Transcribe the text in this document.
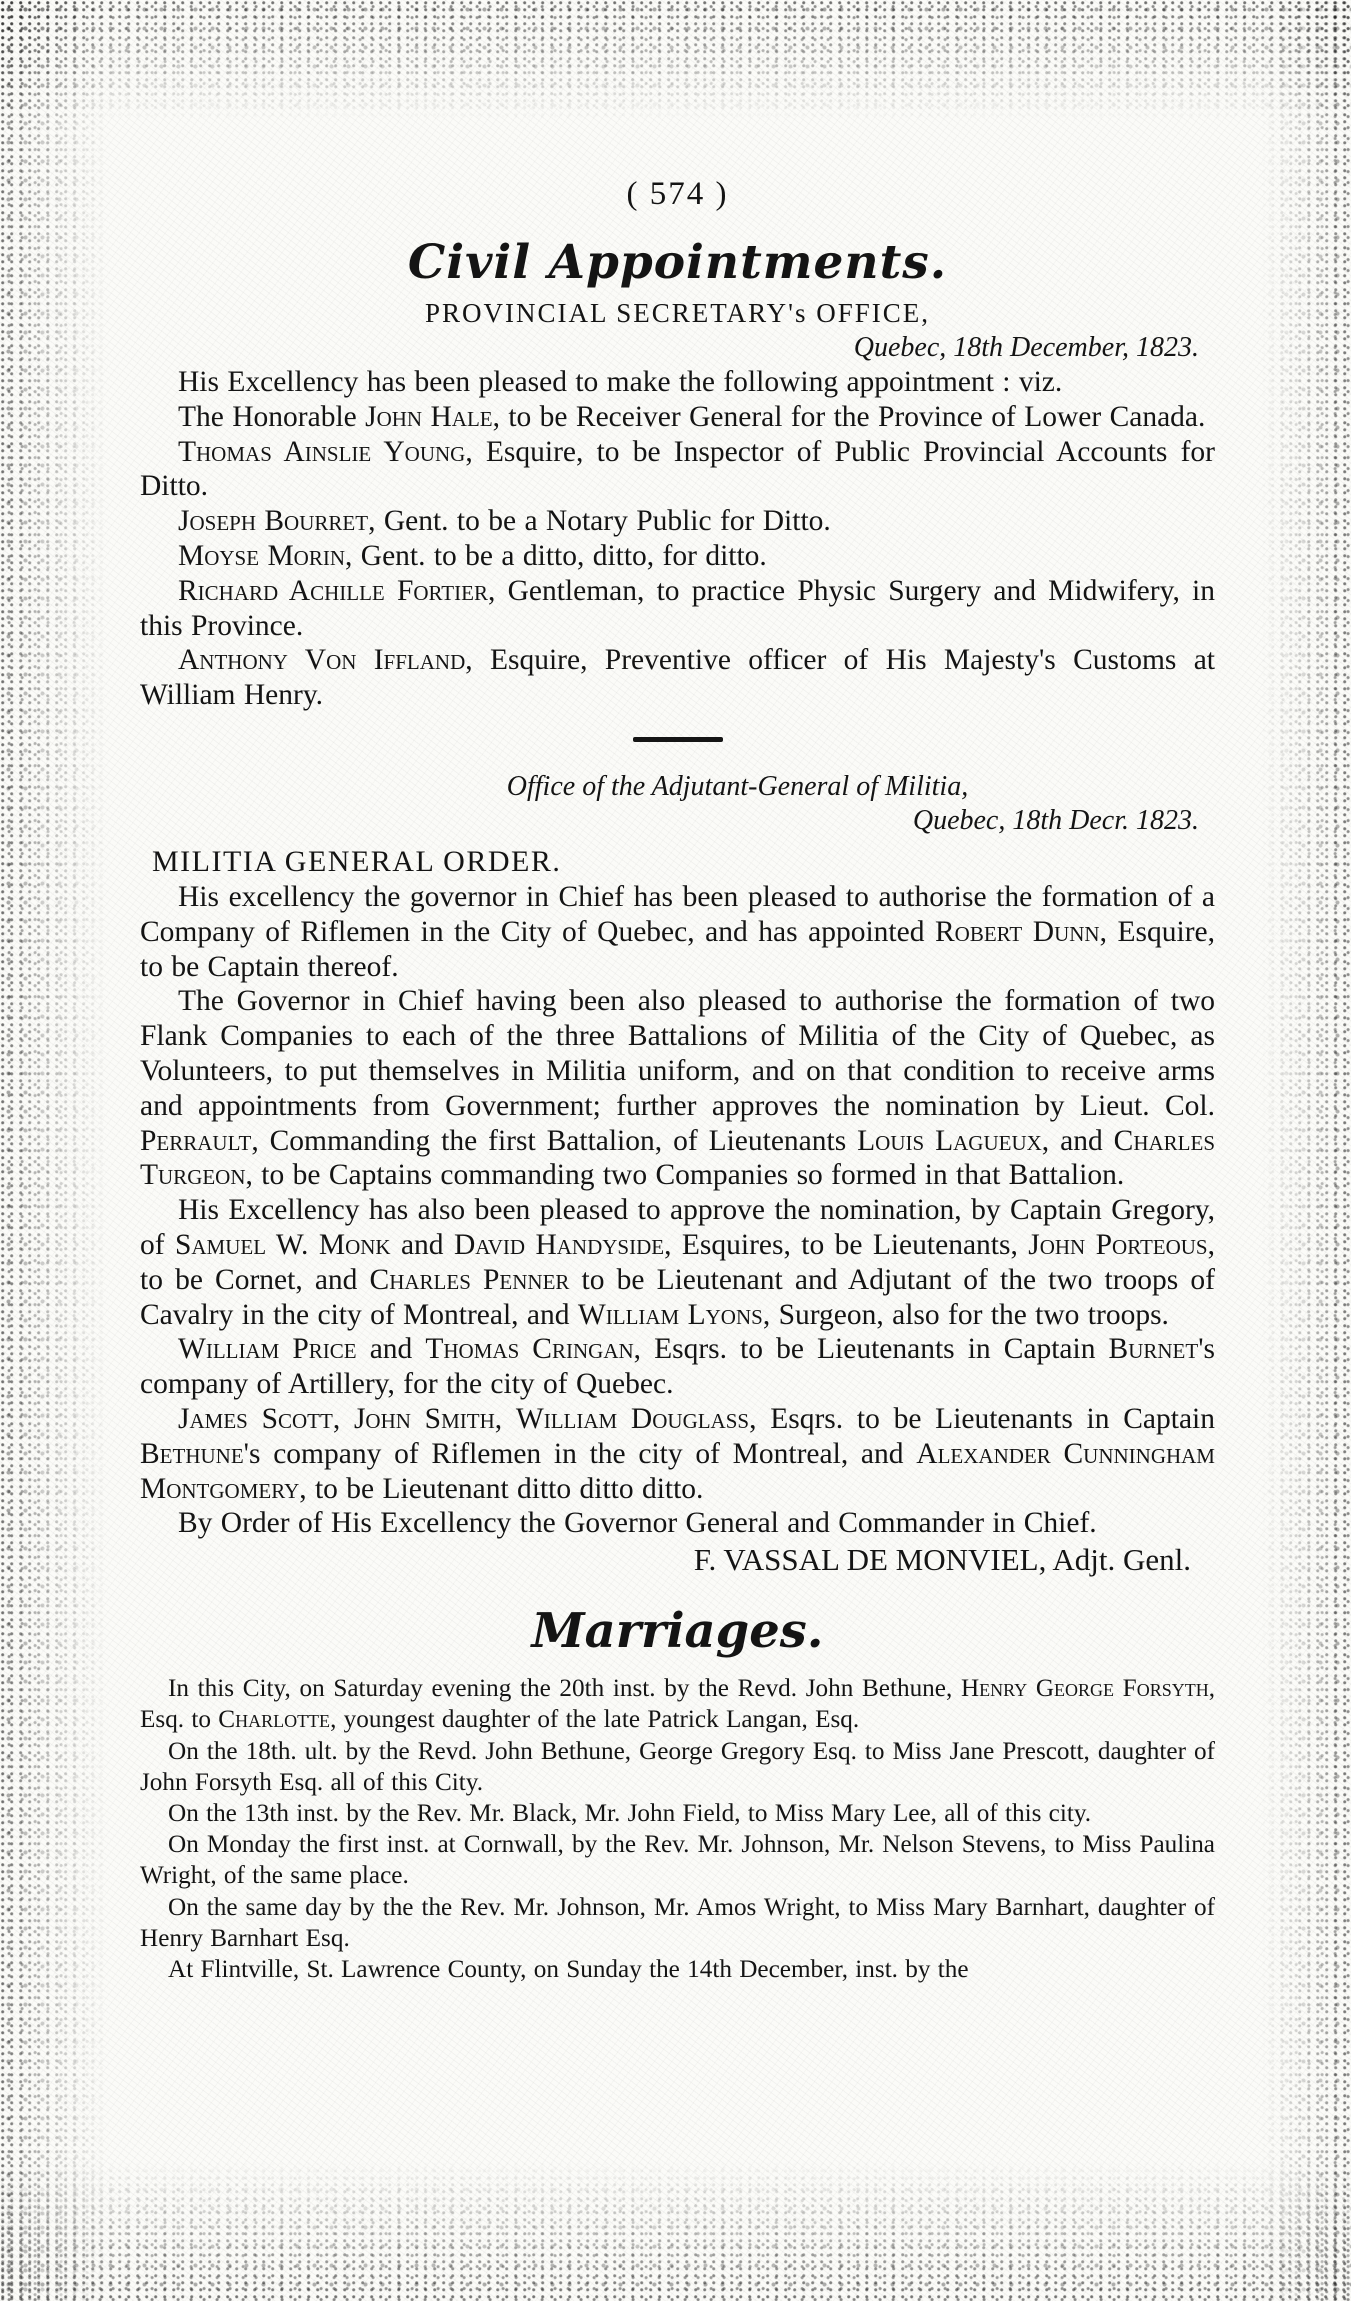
( 574 )
Civil Appointments.
PROVINCIAL SECRETARY's OFFICE,
Quebec, 18th December, 1823.

His Excellency has been pleased to make the following appointment : viz.

The Honorable John Hale, to be Receiver General for the Province of Lower Canada.

Thomas Ainslie Young, Esquire, to be Inspector of Public Provincial Accounts for Ditto.

Joseph Bourret, Gent. to be a Notary Public for Ditto.

Moyse Morin, Gent. to be a ditto, ditto, for ditto.

Richard Achille Fortier, Gentleman, to practice Physic Surgery and Midwifery, in this Province.

Anthony Von Iffland, Esquire, Preventive officer of His Majesty's Customs at William Henry.

Office of the Adjutant-General of Militia,
Quebec, 18th Decr. 1823.
MILITIA GENERAL ORDER.

His excellency the governor in Chief has been pleased to authorise the formation of a Company of Riflemen in the City of Quebec, and has appointed Robert Dunn, Esquire, to be Captain thereof.

The Governor in Chief having been also pleased to authorise the formation of two Flank Companies to each of the three Battalions of Militia of the City of Quebec, as Volunteers, to put themselves in Militia uniform, and on that condition to receive arms and appointments from Government; further approves the nomination by Lieut. Col. Perrault, Commanding the first Battalion, of Lieutenants Louis Lagueux, and Charles Turgeon, to be Captains commanding two Companies so formed in that Battalion.

His Excellency has also been pleased to approve the nomination, by Captain Gregory, of Samuel W. Monk and David Handyside, Esquires, to be Lieutenants, John Porteous, to be Cornet, and Charles Penner to be Lieutenant and Adjutant of the two troops of Cavalry in the city of Montreal, and William Lyons, Surgeon, also for the two troops.

William Price and Thomas Cringan, Esqrs. to be Lieutenants in Captain Burnet's company of Artillery, for the city of Quebec.

James Scott, John Smith, William Douglass, Esqrs. to be Lieutenants in Captain Bethune's company of Riflemen in the city of Montreal, and Alexander Cunningham Montgomery, to be Lieutenant ditto ditto ditto.

By Order of His Excellency the Governor General and Commander in Chief.

F. VASSAL DE MONVIEL, Adjt. Genl.
Marriages.

In this City, on Saturday evening the 20th inst. by the Revd. John Bethune, Henry George Forsyth, Esq. to Charlotte, youngest daughter of the late Patrick Langan, Esq.

On the 18th. ult. by the Revd. John Bethune, George Gregory Esq. to Miss Jane Prescott, daughter of John Forsyth Esq. all of this City.

On the 13th inst. by the Rev. Mr. Black, Mr. John Field, to Miss Mary Lee, all of this city.

On Monday the first inst. at Cornwall, by the Rev. Mr. Johnson, Mr. Nelson Stevens, to Miss Paulina Wright, of the same place.

On the same day by the the Rev. Mr. Johnson, Mr. Amos Wright, to Miss Mary Barnhart, daughter of Henry Barnhart Esq.

At Flintville, St. Lawrence County, on Sunday the 14th December, inst. by the
